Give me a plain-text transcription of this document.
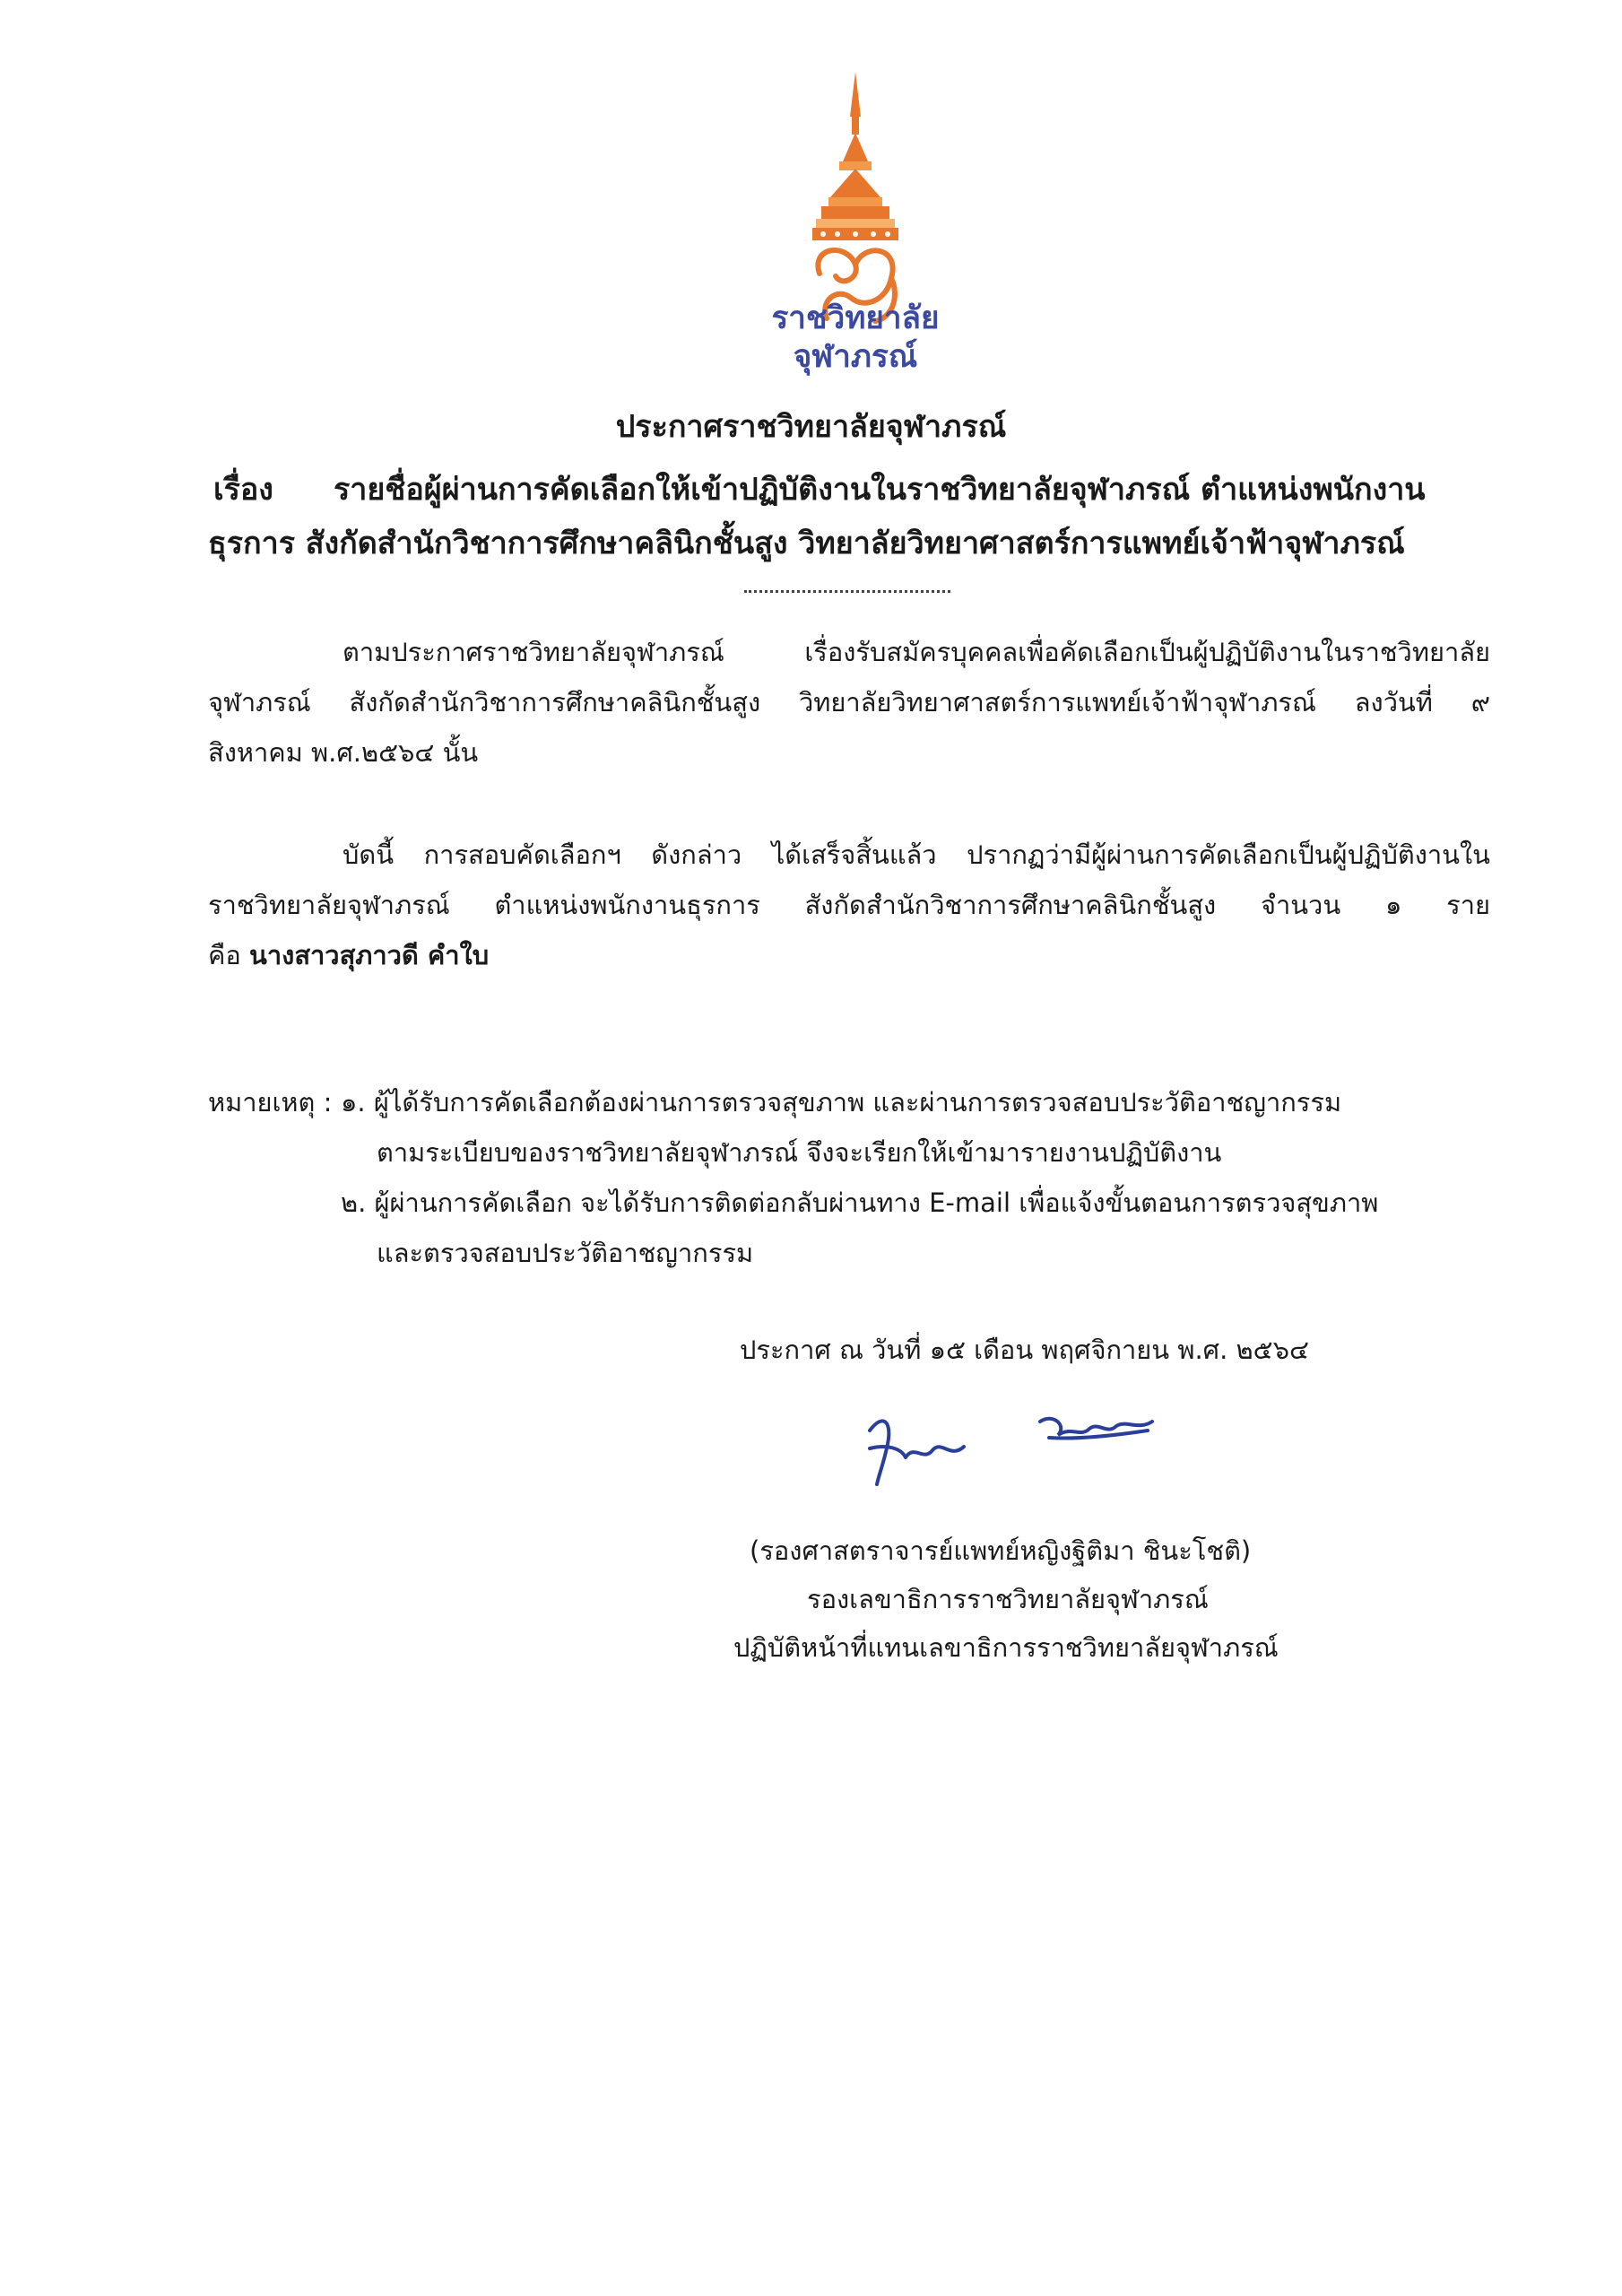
ราชวิทยาลัย
จุฬาภรณ์
ประกาศราชวิทยาลัยจุฬาภรณ์
เรื่อง รายชื่อผู้ผ่านการคัดเลือกให้เข้าปฏิบัติงานในราชวิทยาลัยจุฬาภรณ์ ตำแหน่งพนักงาน
ธุรการ สังกัดสำนักวิชาการศึกษาคลินิกชั้นสูง วิทยาลัยวิทยาศาสตร์การแพทย์เจ้าฟ้าจุฬาภรณ์
ตามประกาศราชวิทยาลัยจุฬาภรณ์ เรื่องรับสมัครบุคคลเพื่อคัดเลือกเป็นผู้ปฏิบัติงานในราชวิทยาลัย
จุฬาภรณ์ สังกัดสำนักวิชาการศึกษาคลินิกชั้นสูง วิทยาลัยวิทยาศาสตร์การแพทย์เจ้าฟ้าจุฬาภรณ์ ลงวันที่ ๙
สิงหาคม พ.ศ.๒๕๖๔ นั้น
บัดนี้ การสอบคัดเลือกฯ ดังกล่าว ได้เสร็จสิ้นแล้ว ปรากฏว่ามีผู้ผ่านการคัดเลือกเป็นผู้ปฏิบัติงานใน
ราชวิทยาลัยจุฬาภรณ์ ตำแหน่งพนักงานธุรการ สังกัดสำนักวิชาการศึกษาคลินิกชั้นสูง จำนวน ๑ ราย
คือ นางสาวสุภาวดี คำใบ
หมายเหตุ : ๑. ผู้ได้รับการคัดเลือกต้องผ่านการตรวจสุขภาพ และผ่านการตรวจสอบประวัติอาชญากรรม
ตามระเบียบของราชวิทยาลัยจุฬาภรณ์ จึงจะเรียกให้เข้ามารายงานปฏิบัติงาน
๒. ผู้ผ่านการคัดเลือก จะได้รับการติดต่อกลับผ่านทาง E-mail เพื่อแจ้งขั้นตอนการตรวจสุขภาพ
และตรวจสอบประวัติอาชญากรรม
ประกาศ ณ วันที่ ๑๕ เดือน พฤศจิกายน พ.ศ. ๒๕๖๔
(รองศาสตราจารย์แพทย์หญิงฐิติมา ชินะโชติ)
รองเลขาธิการราชวิทยาลัยจุฬาภรณ์
ปฏิบัติหน้าที่แทนเลขาธิการราชวิทยาลัยจุฬาภรณ์
